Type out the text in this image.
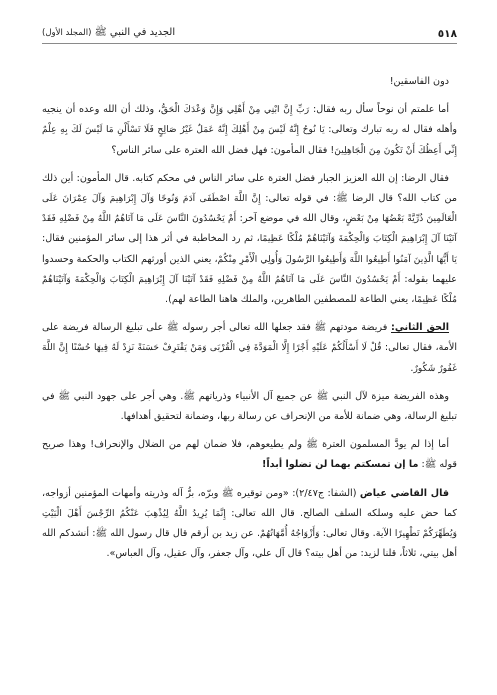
٥١٨
الجديد في النبي ﷺ (المجلد الأول)

دون الفاسقين!

أما علمتم أن نوحاً سأل ربه فقال: رَبِّ إِنَّ ابْنِي مِنْ أَهْلِي وَإِنَّ وَعْدَكَ الْحَقُّ، وذلك أن الله وعده أن ينجيه وأهله فقال له ربه تبارك وتعالى: يَا نُوحُ إِنَّهُ لَيْسَ مِنْ أَهْلِكَ إِنَّهُ عَمَلٌ غَيْرُ صَالِحٍ فَلَا تَسْأَلْنِ مَا لَيْسَ لَكَ بِهِ عِلْمٌ إِنِّي أَعِظُكَ أَنْ تَكُونَ مِنَ الْجَاهِلِينَ! فقال المأمون: فهل فضل الله العترة على سائر الناس؟

فقال الرضا: إن الله العزيز الجبار فضل العترة على سائر الناس في محكم كتابه. قال المأمون: أين ذلك من كتاب الله؟ قال الرضا ﷺ: في قوله تعالى: إِنَّ اللَّهَ اصْطَفَى آدَمَ وَنُوحًا وَآلَ إِبْرَاهِيمَ وَآلَ عِمْرَانَ عَلَى الْعَالَمِينَ ذُرِّيَّةً بَعْضُهَا مِنْ بَعْضٍ، وقال الله في موضع آخر: أَمْ يَحْسُدُونَ النَّاسَ عَلَى مَا آتَاهُمُ اللَّهُ مِنْ فَضْلِهِ فَقَدْ آتَيْنَا آلَ إِبْرَاهِيمَ الْكِتَابَ وَالْحِكْمَةَ وَآتَيْنَاهُمْ مُلْكًا عَظِيمًا، ثم رد المخاطبة في أثر هذا إلى سائر المؤمنين فقال: يَا أَيُّهَا الَّذِينَ آمَنُوا أَطِيعُوا اللَّهَ وَأَطِيعُوا الرَّسُولَ وَأُولِي الْأَمْرِ مِنْكُمْ، يعني الذين أورثهم الكتاب والحكمة وحسدوا عليهما بقوله: أَمْ يَحْسُدُونَ النَّاسَ عَلَى مَا آتَاهُمُ اللَّهُ مِنْ فَضْلِهِ فَقَدْ آتَيْنَا آلَ إِبْرَاهِيمَ الْكِتَابَ وَالْحِكْمَةَ وَآتَيْنَاهُمْ مُلْكًا عَظِيمًا، يعني الطاعة للمصطفين الطاهرين، والملك هاهنا الطاعة لهم).

الحق الثاني: فريضة مودتهم ﷺ فقد جعلها الله تعالى أجر رسوله ﷺ على تبليغ الرسالة فريضة على الأمة، فقال تعالى: قُلْ لَا أَسْأَلُكُمْ عَلَيْهِ أَجْرًا إِلَّا الْمَوَدَّةَ فِي الْقُرْبَى وَمَنْ يَقْتَرِفْ حَسَنَةً نَزِدْ لَهُ فِيهَا حُسْنًا إِنَّ اللَّهَ غَفُورٌ شَكُورٌ.

وهذه الفريضة ميزة لآل النبي ﷺ عن جميع آل الأنبياء وذرياتهم ﷺ. وهي أجر على جهود النبي ﷺ في تبليغ الرسالة، وهي ضمانة للأمة من الإنحراف عن رسالة ربها، وضمانة لتحقيق أهدافها.

أما إذا لم يودَّ المسلمون العترة ﷺ ولم يطيعوهم، فلا ضمان لهم من الضلال والإنحراف! وهذا صريح قوله ﷺ: ما إن تمسكتم بهما لن تضلوا أبداً!

قال القاضي عياض (الشفا: ج٢/٤٧): «ومن توقيره ﷺ وبرّه، برُّ آله وذريته وأمهات المؤمنين أزواجه، كما حض عليه وسلكه السلف الصالح. قال الله تعالى: إِنَّمَا يُرِيدُ اللَّهُ لِيُذْهِبَ عَنْكُمُ الرِّجْسَ أَهْلَ الْبَيْتِ وَيُطَهِّرَكُمْ تَطْهِيرًا الآية. وقال تعالى: وَأَزْوَاجُهُ أُمَّهَاتُهُمْ. عن زيد بن أرقم قال قال رسول الله ﷺ: أنشدكم الله أهل بيتي، ثلاثاً، قلنا لزيد: من أهل بيته؟ قال آل علي، وآل جعفر، وآل عقيل، وآل العباس».
